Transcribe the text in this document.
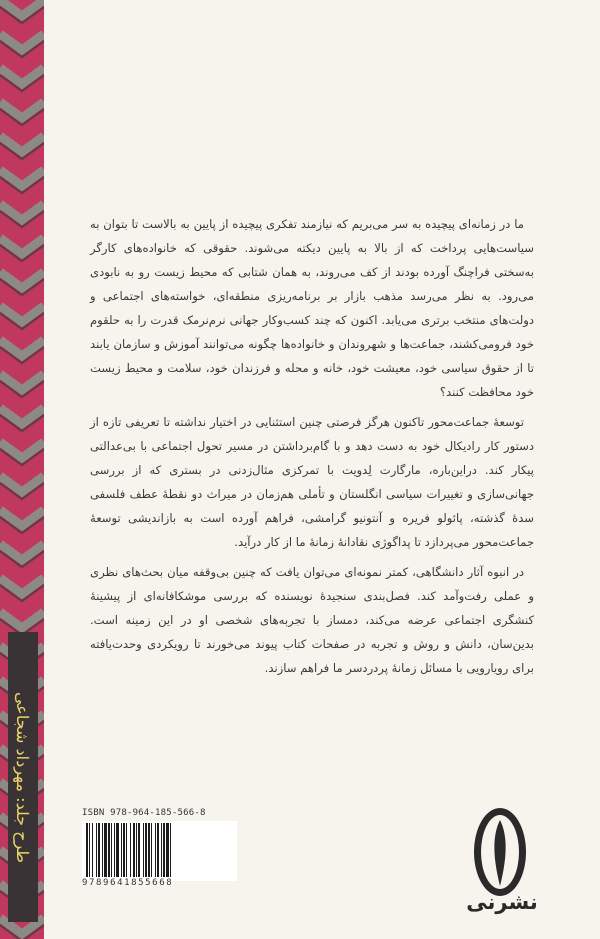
طرح جلد: مهرداد شجاعی

ما در زمانه‌ای پیچیده به سر می‌بریم که نیازمند تفکری پیچیده از پایین به بالاست تا بتوان به سیاست‌هایی پرداخت که از بالا به پایین دیکته می‌شوند. حقوقی که خانواده‌های کارگر به‌سختی فراچنگ آورده بودند از کف می‌روند، به همان شتابی که محیط زیست رو به نابودی می‌رود. به نظر می‌رسد مذهب بازار بر برنامه‌ریزی منطقه‌ای، خواسته‌های اجتماعی و دولت‌های منتخب برتری می‌یابد. اکنون که چند کسب‌وکار جهانی نرم‌نرمک قدرت را به حلقوم خود فرومی‌کشند، جماعت‌ها و شهروندان و خانواده‌ها چگونه می‌توانند آموزش و سازمان یابند تا از حقوق سیاسی خود، معیشت خود، خانه و محله و فرزندان خود، سلامت و محیط زیست خود محافظت کنند؟

توسعهٔ جماعت‌محور تاکنون هرگز فرصتی چنین استثنایی در اختیار نداشته تا تعریفی تازه از دستور کار رادیکال خود به دست دهد و با گام‌برداشتن در مسیر تحول اجتماعی با بی‌عدالتی پیکار کند. دراین‌باره، مارگارت لِدویت با تمرکزی مثال‌زدنی در بستری که از بررسی جهانی‌سازی و تغییرات سیاسی انگلستان و تأملی هم‌زمان در میراث دو نقطهٔ عطف فلسفی سدهٔ گذشته، پائولو فریره و آنتونیو گرامشی، فراهم آورده است به بازاندیشی توسعهٔ جماعت‌محور می‌پردازد تا پداگوژی نقادانهٔ زمانهٔ ما از کار درآید.

در انبوه آثار دانشگاهی، کمتر نمونه‌ای می‌توان یافت که چنین بی‌وقفه میان بحث‌های نظری و عملی رفت‌وآمد کند. فصل‌بندی سنجیدهٔ نویسنده که بررسی موشکافانه‌ای از پیشینهٔ کنشگری اجتماعی عرضه می‌کند، دمساز با تجربه‌های شخصی او در این زمینه است. بدین‌سان، دانش و روش و تجربه در صفحات کتاب پیوند می‌خورند تا رویکردی وحدت‌یافته برای رویارویی با مسائل زمانهٔ پردردسر ما فراهم سازند.

ISBN 978-964-185-566-8
9789641855668
نشرنی
